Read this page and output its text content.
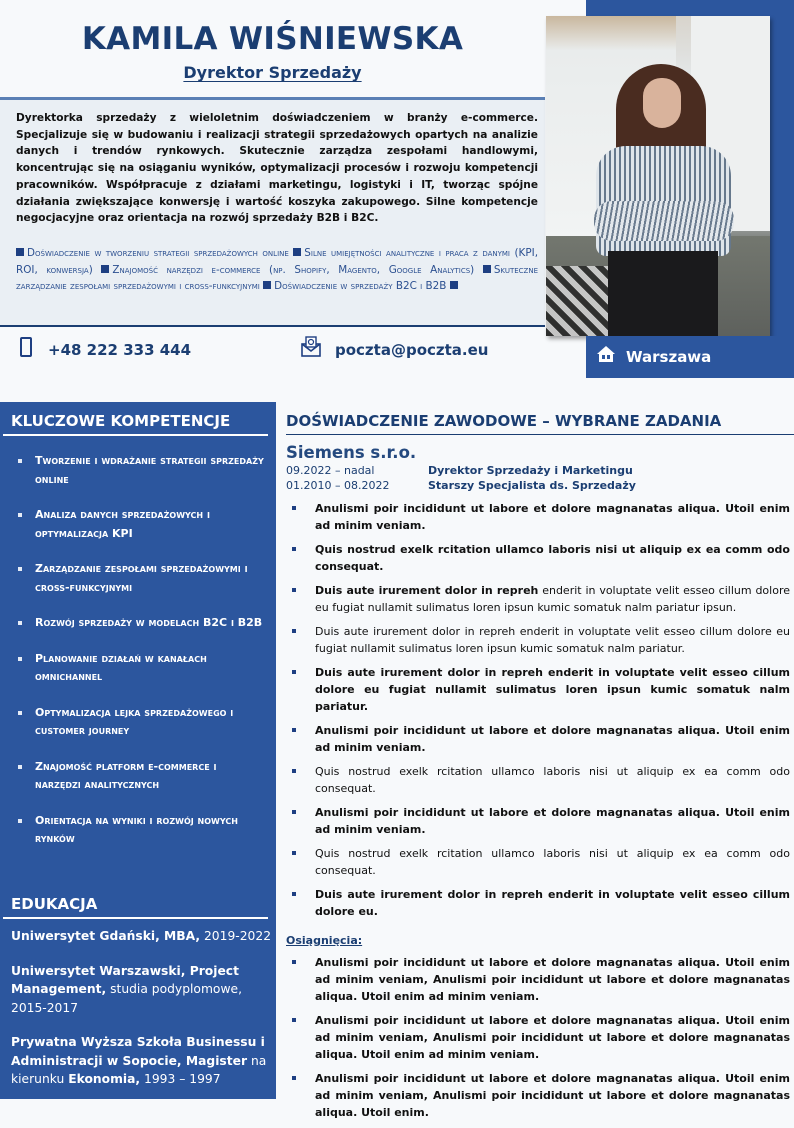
KAMILA WIŚNIEWSKA
Dyrektor Sprzedaży
Dyrektorka sprzedaży z wieloletnim doświadczeniem w branży e-commerce. Specjalizuje się w budowaniu i realizacji strategii sprzedażowych opartych na analizie danych i trendów rynkowych. Skutecznie zarządza zespołami handlowymi, koncentrując się na osiąganiu wyników, optymalizacji procesów i rozwoju kompetencji pracowników. Współpracuje z działami marketingu, logistyki i IT, tworząc spójne działania zwiększające konwersję i wartość koszyka zakupowego. Silne kompetencje negocjacyjne oraz orientacja na rozwój sprzedaży B2B i B2C.
Doświadczenie w tworzeniu strategii sprzedażowych online Silne umiejętności analityczne i praca z danymi (KPI, ROI, konwersja) Znajomość narzędzi e-commerce (np. Shopify, Magento, Google Analytics) Skuteczne zarządzanie zespołami sprzedażowymi i cross-funkcyjnymi Doświadczenie w sprzedaży B2C i B2B
+48 222 333 444	poczta@poczta.eu	Warszawa
KLUCZOWE KOMPETENCJE
Tworzenie i wdrażanie strategii sprzedaży online
Analiza danych sprzedażowych i optymalizacja KPI
Zarządzanie zespołami sprzedażowymi i cross-funkcyjnymi
Rozwój sprzedaży w modelach B2C i B2B
Planowanie działań w kanałach omnichannel
Optymalizacja lejka sprzedażowego i customer journey
Znajomość platform e-commerce i narzędzi analitycznych
Orientacja na wyniki i rozwój nowych rynków
EDUKACJA
Uniwersytet Gdański, MBA, 2019-2022
Uniwersytet Warszawski, Project Management, studia podyplomowe, 2015-2017
Prywatna Wyższa Szkoła Businessu i Administracji w Sopocie, Magister na kierunku Ekonomia, 1993 – 1997
DOŚWIADCZENIE ZAWODOWE – WYBRANE ZADANIA
Siemens s.r.o.
09.2022 – nadal	Dyrektor Sprzedaży i Marketingu
01.2010 – 08.2022	Starszy Specjalista ds. Sprzedaży
Anulismi poir incididunt ut labore et dolore magnanatas aliqua. Utoil enim ad minim veniam.
Quis nostrud exelk rcitation ullamco laboris nisi ut aliquip ex ea comm odo consequat.
Duis aute irurement dolor in repreh enderit in voluptate velit esseo cillum dolore eu fugiat nullamit sulimatus loren ipsun kumic somatuk nalm pariatur ipsun.
Duis aute irurement dolor in repreh enderit in voluptate velit esseo cillum dolore eu fugiat nullamit sulimatus loren ipsun kumic somatuk nalm pariatur.
Duis aute irurement dolor in repreh enderit in voluptate velit esseo cillum dolore eu fugiat nullamit sulimatus loren ipsun kumic somatuk nalm pariatur.
Anulismi poir incididunt ut labore et dolore magnanatas aliqua. Utoil enim ad minim veniam.
Quis nostrud exelk rcitation ullamco laboris nisi ut aliquip ex ea comm odo consequat.
Anulismi poir incididunt ut labore et dolore magnanatas aliqua. Utoil enim ad minim veniam.
Quis nostrud exelk rcitation ullamco laboris nisi ut aliquip ex ea comm odo consequat.
Duis aute irurement dolor in repreh enderit in voluptate velit esseo cillum dolore eu.
Osiągnięcia:
Anulismi poir incididunt ut labore et dolore magnanatas aliqua. Utoil enim ad minim veniam, Anulismi poir incididunt ut labore et dolore magnanatas aliqua. Utoil enim ad minim veniam.
Anulismi poir incididunt ut labore et dolore magnanatas aliqua. Utoil enim ad minim veniam, Anulismi poir incididunt ut labore et dolore magnanatas aliqua. Utoil enim ad minim veniam.
Anulismi poir incididunt ut labore et dolore magnanatas aliqua. Utoil enim ad minim veniam, Anulismi poir incididunt ut labore et dolore magnanatas aliqua. Utoil enim.
